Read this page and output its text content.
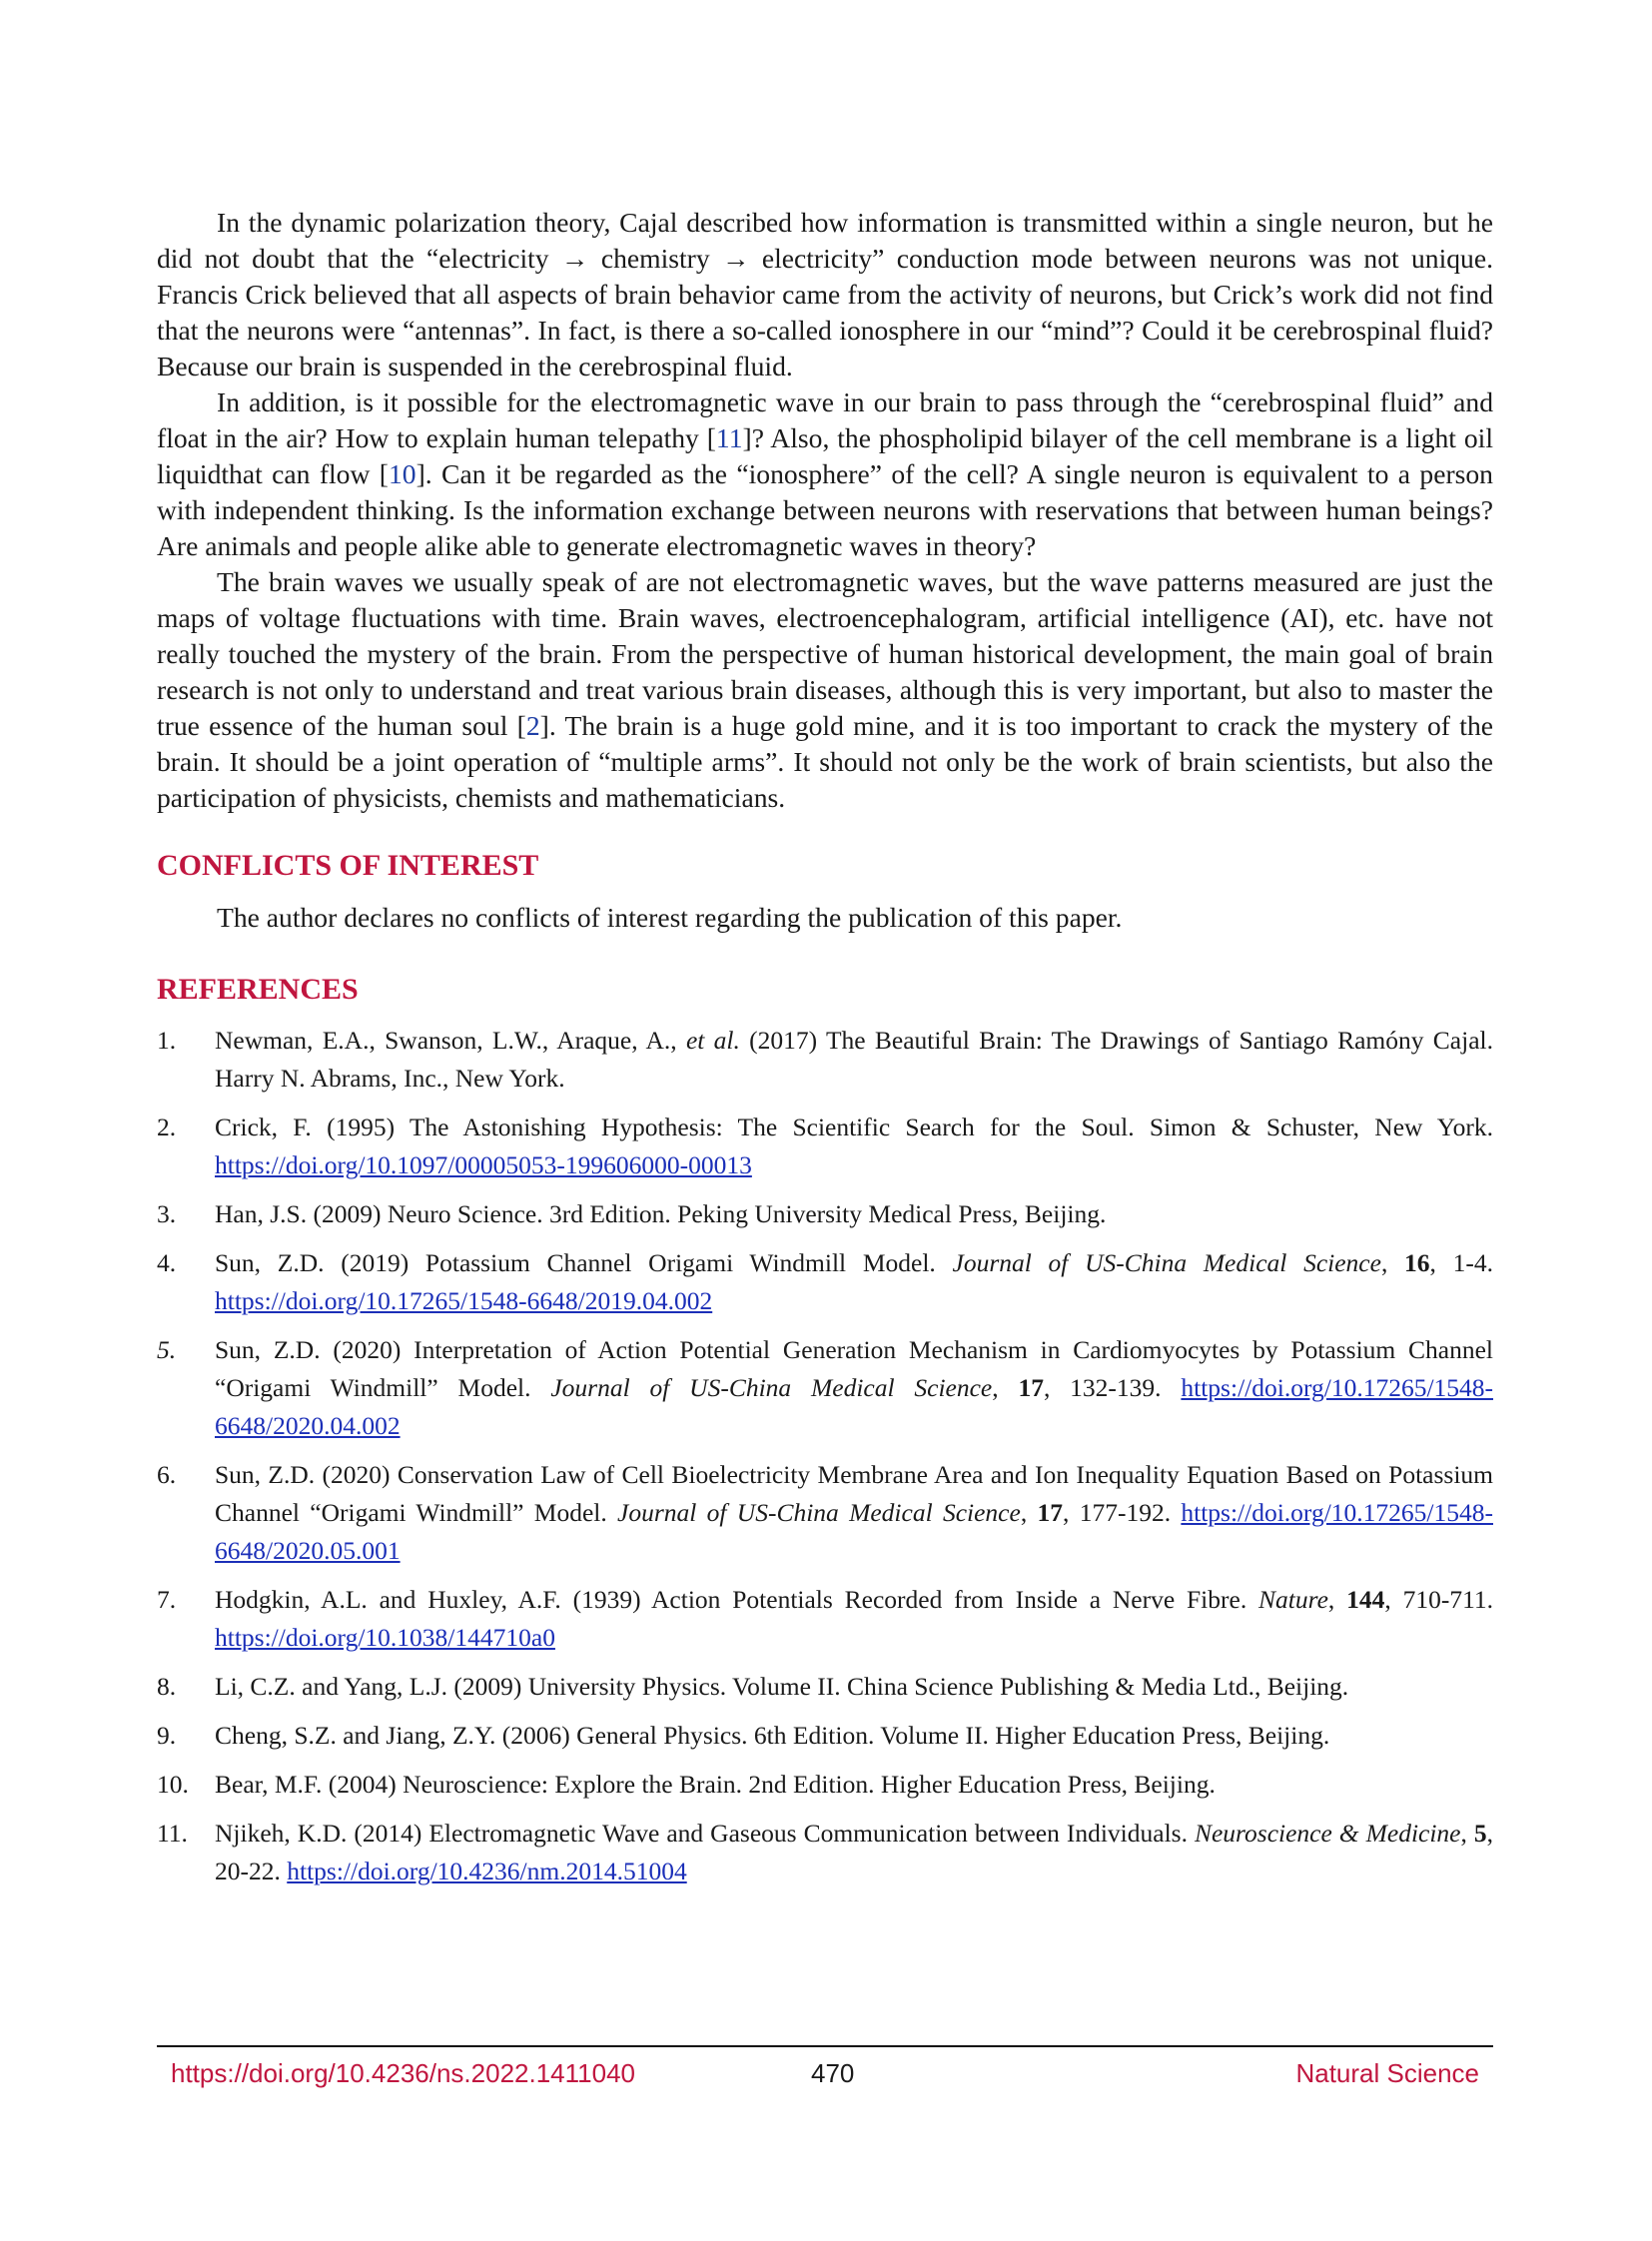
In the dynamic polarization theory, Cajal described how information is transmitted within a single neuron, but he did not doubt that the “electricity → chemistry → electricity” conduction mode between neurons was not unique. Francis Crick believed that all aspects of brain behavior came from the activity of neurons, but Crick’s work did not find that the neurons were “antennas”. In fact, is there a so-called ionosphere in our “mind”? Could it be cerebrospinal fluid? Because our brain is suspended in the cerebrospinal fluid.

In addition, is it possible for the electromagnetic wave in our brain to pass through the “cerebrospinal fluid” and float in the air? How to explain human telepathy [11]? Also, the phospholipid bilayer of the cell membrane is a light oil liquidthat can flow [10]. Can it be regarded as the “ionosphere” of the cell? A single neuron is equivalent to a person with independent thinking. Is the information exchange between neurons with reservations that between human beings? Are animals and people alike able to generate electromagnetic waves in theory?

The brain waves we usually speak of are not electromagnetic waves, but the wave patterns measured are just the maps of voltage fluctuations with time. Brain waves, electroencephalogram, artificial intelligence (AI), etc. have not really touched the mystery of the brain. From the perspective of human historical development, the main goal of brain research is not only to understand and treat various brain diseases, although this is very important, but also to master the true essence of the human soul [2]. The brain is a huge gold mine, and it is too important to crack the mystery of the brain. It should be a joint operation of “multiple arms”. It should not only be the work of brain scientists, but also the participation of physicists, chemists and mathematicians.

CONFLICTS OF INTEREST

The author declares no conflicts of interest regarding the publication of this paper.

REFERENCES
1.	Newman, E.A., Swanson, L.W., Araque, A., et al. (2017) The Beautiful Brain: The Drawings of Santiago Ramóny Cajal. Harry N. Abrams, Inc., New York.
2.	Crick, F. (1995) The Astonishing Hypothesis: The Scientific Search for the Soul. Simon & Schuster, New York. https://doi.org/10.1097/00005053-199606000-00013
3.	Han, J.S. (2009) Neuro Science. 3rd Edition. Peking University Medical Press, Beijing.
4.	Sun, Z.D. (2019) Potassium Channel Origami Windmill Model. Journal of US-China Medical Science, 16, 1-4. https://doi.org/10.17265/1548-6648/2019.04.002
5.	Sun, Z.D. (2020) Interpretation of Action Potential Generation Mechanism in Cardiomyocytes by Potassium Channel “Origami Windmill” Model. Journal of US-China Medical Science, 17, 132-139. https://doi.org/10.17265/1548-6648/2020.04.002
6.	Sun, Z.D. (2020) Conservation Law of Cell Bioelectricity Membrane Area and Ion Inequality Equation Based on Potassium Channel “Origami Windmill” Model. Journal of US-China Medical Science, 17, 177-192. https://doi.org/10.17265/1548-6648/2020.05.001
7.	Hodgkin, A.L. and Huxley, A.F. (1939) Action Potentials Recorded from Inside a Nerve Fibre. Nature, 144, 710-711. https://doi.org/10.1038/144710a0
8.	Li, C.Z. and Yang, L.J. (2009) University Physics. Volume II. China Science Publishing & Media Ltd., Beijing.
9.	Cheng, S.Z. and Jiang, Z.Y. (2006) General Physics. 6th Edition. Volume II. Higher Education Press, Beijing.
10.	Bear, M.F. (2004) Neuroscience: Explore the Brain. 2nd Edition. Higher Education Press, Beijing.
11.	Njikeh, K.D. (2014) Electromagnetic Wave and Gaseous Communication between Individuals. Neuroscience & Medicine, 5, 20-22. https://doi.org/10.4236/nm.2014.51004
https://doi.org/10.4236/ns.2022.1411040	470	Natural Science
